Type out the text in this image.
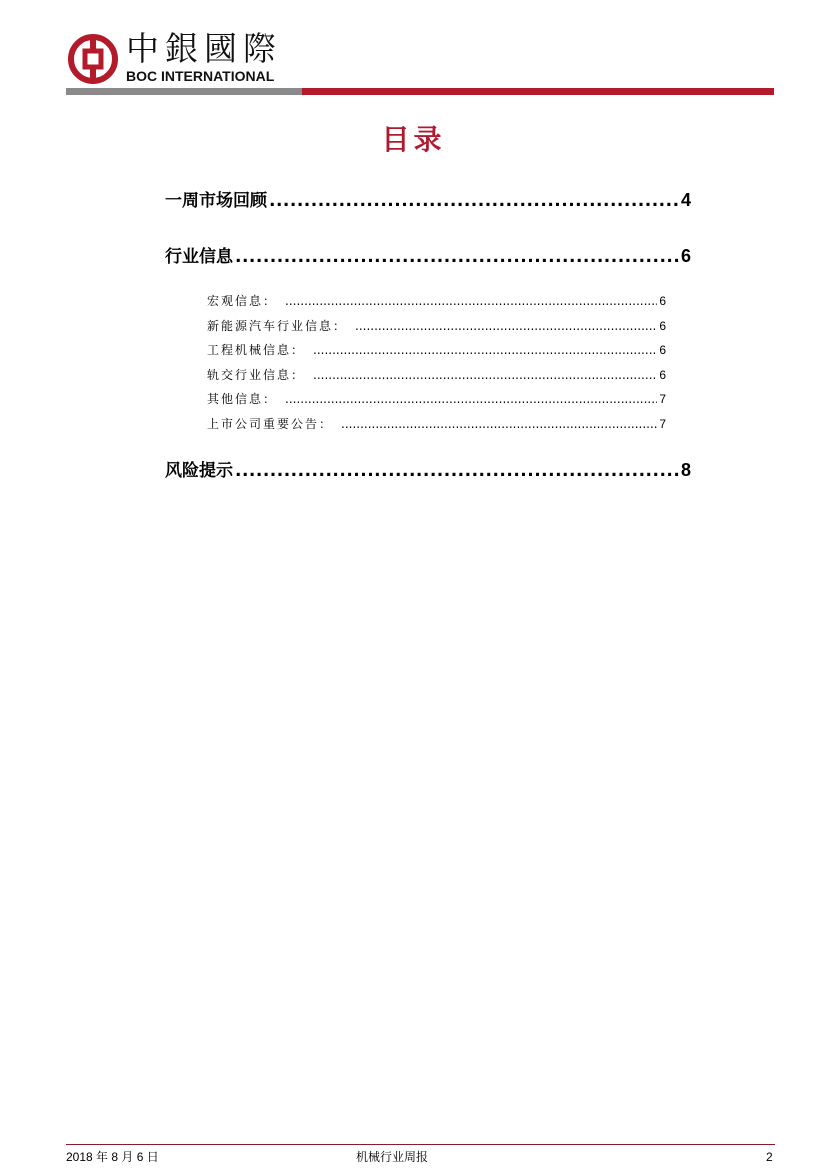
中銀國際
BOC INTERNATIONAL
目录
一周市场回顾 .....	4
行业信息 .....	6
宏观信息： .....	6
新能源汽车行业信息： .....	6
工程机械信息： .....	6
轨交行业信息： .....	6
其他信息： .....	7
上市公司重要公告： .....	7
风险提示 .....	8
2018 年 8 月 6 日	机械行业周报	2
